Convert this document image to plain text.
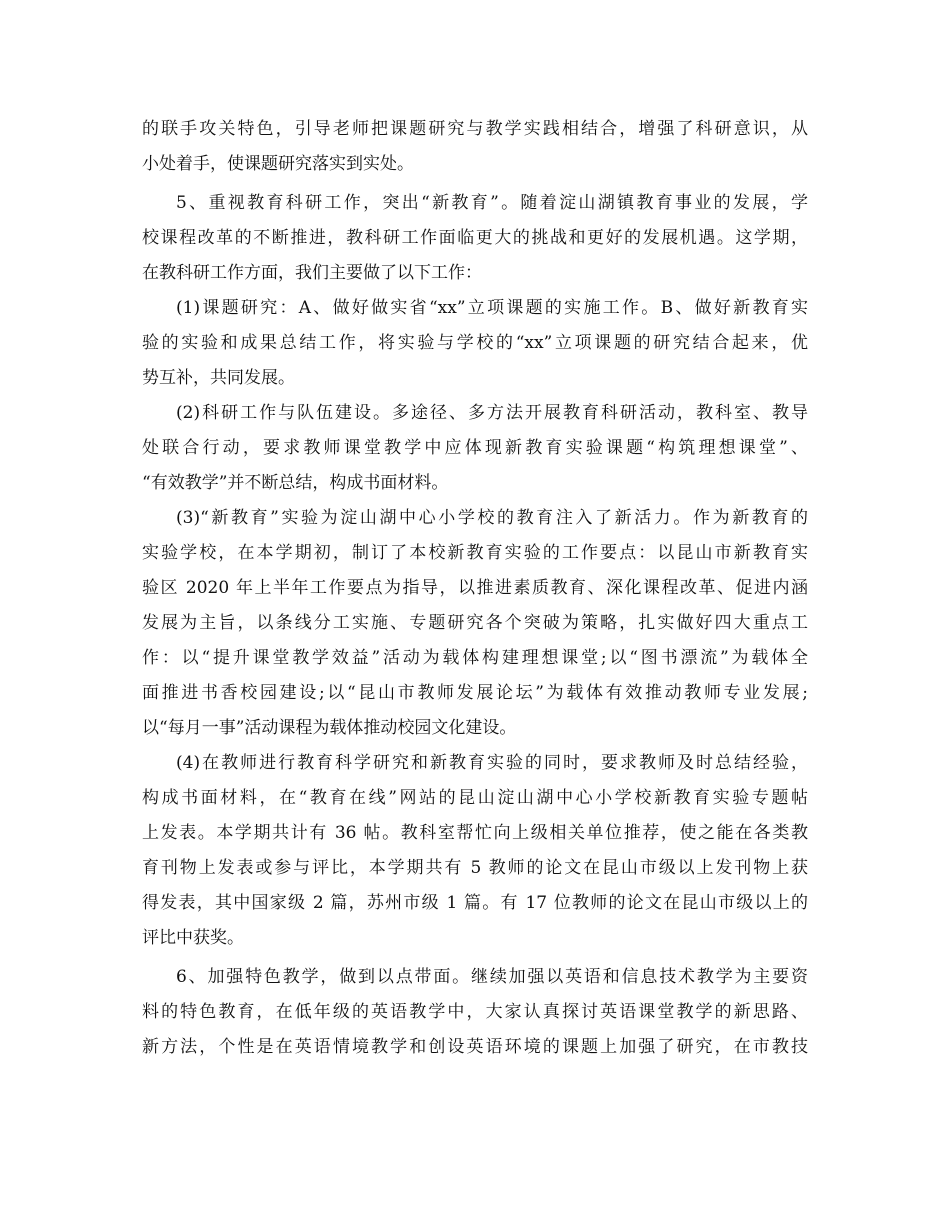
的联手攻关特色，引导老师把课题研究与教学实践相结合，增强了科研意识，从
小处着手，使课题研究落实到实处。
5、重视教育科研工作，突出“新教育”。随着淀山湖镇教育事业的发展，学
校课程改革的不断推进，教科研工作面临更大的挑战和更好的发展机遇。这学期，
在教科研工作方面，我们主要做了以下工作：
(1)课题研究：A、做好做实省“xx”立项课题的实施工作。B、做好新教育实
验的实验和成果总结工作，将实验与学校的“xx”立项课题的研究结合起来，优
势互补，共同发展。
(2)科研工作与队伍建设。多途径、多方法开展教育科研活动，教科室、教导
处联合行动，要求教师课堂教学中应体现新教育实验课题“构筑理想课堂”、
“有效教学”并不断总结，构成书面材料。
(3)“新教育”实验为淀山湖中心小学校的教育注入了新活力。作为新教育的
实验学校，在本学期初，制订了本校新教育实验的工作要点：以昆山市新教育实
验区 2020 年上半年工作要点为指导，以推进素质教育、深化课程改革、促进内涵
发展为主旨，以条线分工实施、专题研究各个突破为策略，扎实做好四大重点工
作：以“提升课堂教学效益”活动为载体构建理想课堂;以“图书漂流”为载体全
面推进书香校园建设;以“昆山市教师发展论坛”为载体有效推动教师专业发展;
以“每月一事”活动课程为载体推动校园文化建设。
(4)在教师进行教育科学研究和新教育实验的同时，要求教师及时总结经验，
构成书面材料，在“教育在线”网站的昆山淀山湖中心小学校新教育实验专题帖
上发表。本学期共计有 36 帖。教科室帮忙向上级相关单位推荐，使之能在各类教
育刊物上发表或参与评比，本学期共有 5 教师的论文在昆山市级以上发刊物上获
得发表，其中国家级 2 篇，苏州市级 1 篇。有 17 位教师的论文在昆山市级以上的
评比中获奖。
6、加强特色教学，做到以点带面。继续加强以英语和信息技术教学为主要资
料的特色教育，在低年级的英语教学中，大家认真探讨英语课堂教学的新思路、
新方法，个性是在英语情境教学和创设英语环境的课题上加强了研究，在市教技
